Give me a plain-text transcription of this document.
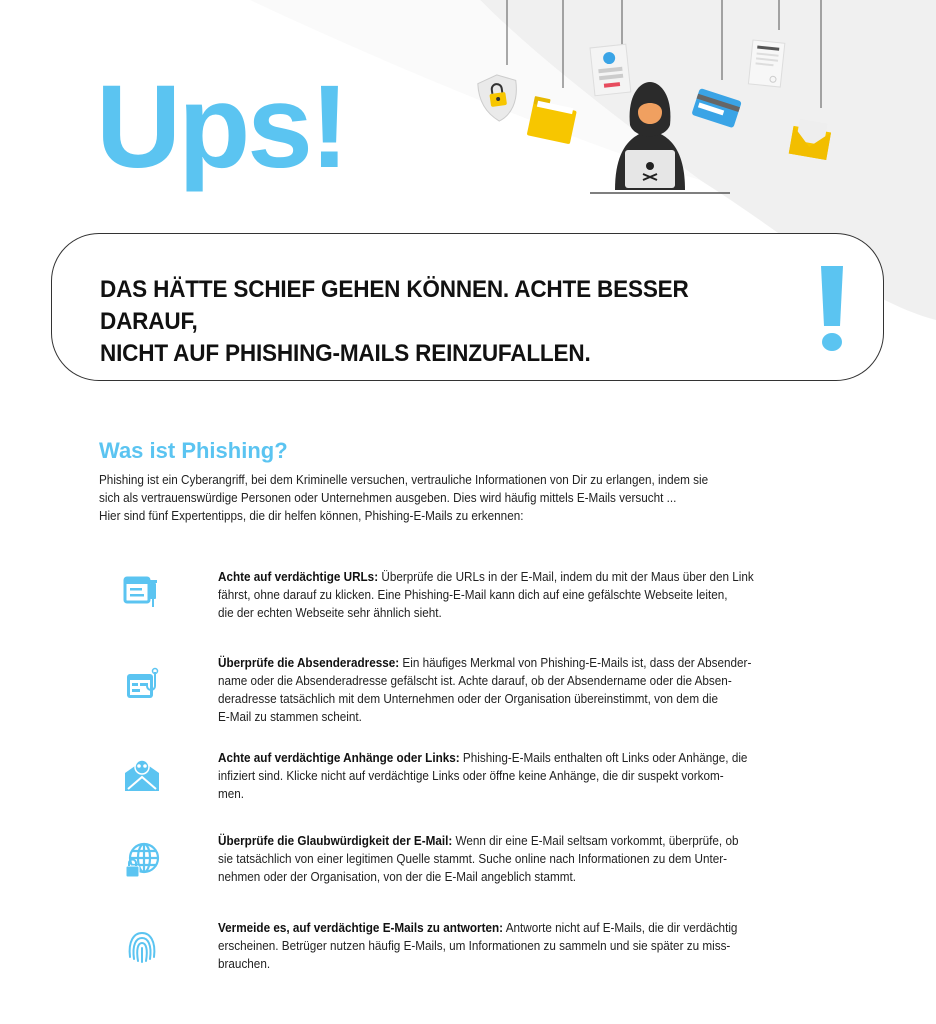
Ups!

DAS HÄTTE SCHIEF GEHEN KÖNNEN. ACHTE BESSER DARAUF,
NICHT AUF PHISHING-MAILS REINZUFALLEN.

Was ist Phishing?

Phishing ist ein Cyberangriff, bei dem Kriminelle versuchen, vertrauliche Informationen von Dir zu erlangen, indem sie
sich als vertrauenswürdige Personen oder Unternehmen ausgeben. Dies wird häufig mittels E-Mails versucht ...
Hier sind fünf Expertentipps, die dir helfen können, Phishing-E-Mails zu erkennen:

Achte auf verdächtige URLs: Überprüfe die URLs in der E-Mail, indem du mit der Maus über den Link
fährst, ohne darauf zu klicken. Eine Phishing-E-Mail kann dich auf eine gefälschte Webseite leiten,
die der echten Webseite sehr ähnlich sieht.

Überprüfe die Absenderadresse: Ein häufiges Merkmal von Phishing-E-Mails ist, dass der Absender-
name oder die Absenderadresse gefälscht ist. Achte darauf, ob der Absendername oder die Absen-
deradresse tatsächlich mit dem Unternehmen oder der Organisation übereinstimmt, von dem die
E-Mail zu stammen scheint.

Achte auf verdächtige Anhänge oder Links: Phishing-E-Mails enthalten oft Links oder Anhänge, die
infiziert sind. Klicke nicht auf verdächtige Links oder öffne keine Anhänge, die dir suspekt vorkom-
men.

Überprüfe die Glaubwürdigkeit der E-Mail: Wenn dir eine E-Mail seltsam vorkommt, überprüfe, ob
sie tatsächlich von einer legitimen Quelle stammt. Suche online nach Informationen zu dem Unter-
nehmen oder der Organisation, von der die E-Mail angeblich stammt.

Vermeide es, auf verdächtige E-Mails zu antworten: Antworte nicht auf E-Mails, die dir verdächtig
erscheinen. Betrüger nutzen häufig E-Mails, um Informationen zu sammeln und sie später zu miss-
brauchen.
